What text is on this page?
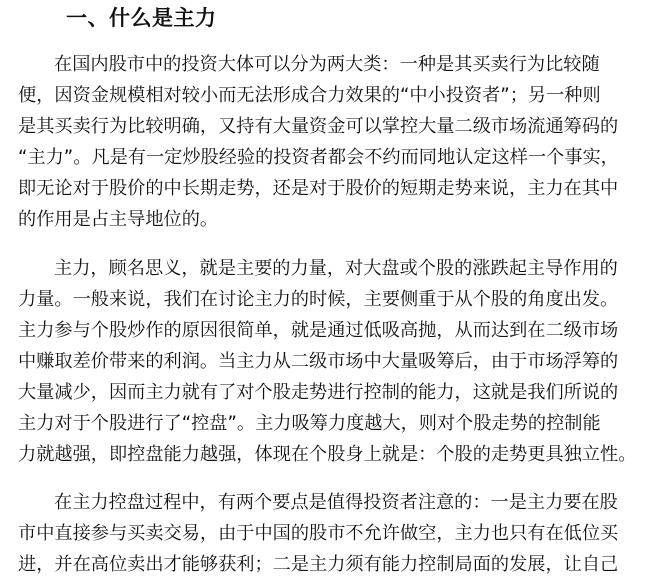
一、什么是主力
在国内股市中的投资大体可以分为两大类：一种是其买卖行为比较随
便，因资金规模相对较小而无法形成合力效果的“中小投资者”；另一种则
是其买卖行为比较明确，又持有大量资金可以掌控大量二级市场流通筹码的
“主力”。凡是有一定炒股经验的投资者都会不约而同地认定这样一个事实，
即无论对于股价的中长期走势，还是对于股价的短期走势来说，主力在其中
的作用是占主导地位的。
主力，顾名思义，就是主要的力量，对大盘或个股的涨跌起主导作用的
力量。一般来说，我们在讨论主力的时候，主要侧重于从个股的角度出发。
主力参与个股炒作的原因很简单，就是通过低吸高抛，从而达到在二级市场
中赚取差价带来的利润。当主力从二级市场中大量吸筹后，由于市场浮筹的
大量减少，因而主力就有了对个股走势进行控制的能力，这就是我们所说的
主力对于个股进行了“控盘”。主力吸筹力度越大，则对个股走势的控制能
力就越强，即控盘能力越强，体现在个股身上就是：个股的走势更具独立性。
在主力控盘过程中，有两个要点是值得投资者注意的：一是主力要在股
市中直接参与买卖交易，由于中国的股市不允许做空，主力也只有在低位买
进，并在高位卖出才能够获利；二是主力须有能力控制局面的发展，让自己
